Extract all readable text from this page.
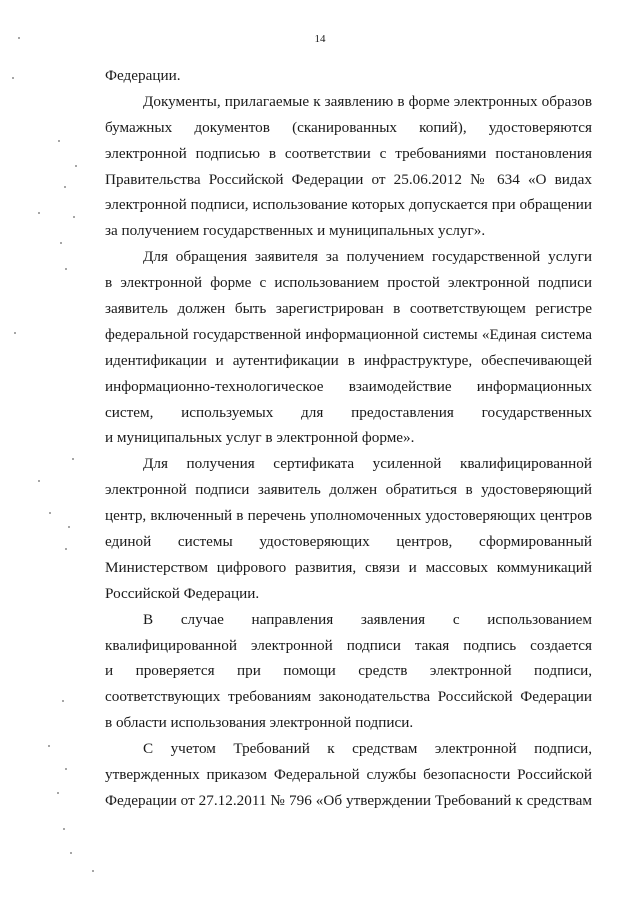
14
Федерации.
Документы, прилагаемые к заявлению в форме электронных образов
бумажных документов (сканированных копий), удостоверяются
электронной подписью в соответствии с требованиями постановления
Правительства Российской Федерации от 25.06.2012 № 634 «О видах
электронной подписи, использование которых допускается при обращении
за получением государственных и муниципальных услуг».
Для обращения заявителя за получением государственной услуги
в электронной форме с использованием простой электронной подписи
заявитель должен быть зарегистрирован в соответствующем регистре
федеральной государственной информационной системы «Единая система
идентификации и аутентификации в инфраструктуре, обеспечивающей
информационно-технологическое взаимодействие информационных
систем, используемых для предоставления государственных
и муниципальных услуг в электронной форме».
Для получения сертификата усиленной квалифицированной
электронной подписи заявитель должен обратиться в удостоверяющий
центр, включенный в перечень уполномоченных удостоверяющих центров
единой системы удостоверяющих центров, сформированный
Министерством цифрового развития, связи и массовых коммуникаций
Российской Федерации.
В случае направления заявления с использованием
квалифицированной электронной подписи такая подпись создается
и проверяется при помощи средств электронной подписи,
соответствующих требованиям законодательства Российской Федерации
в области использования электронной подписи.
С учетом Требований к средствам электронной подписи,
утвержденных приказом Федеральной службы безопасности Российской
Федерации от 27.12.2011 № 796 «Об утверждении Требований к средствам
